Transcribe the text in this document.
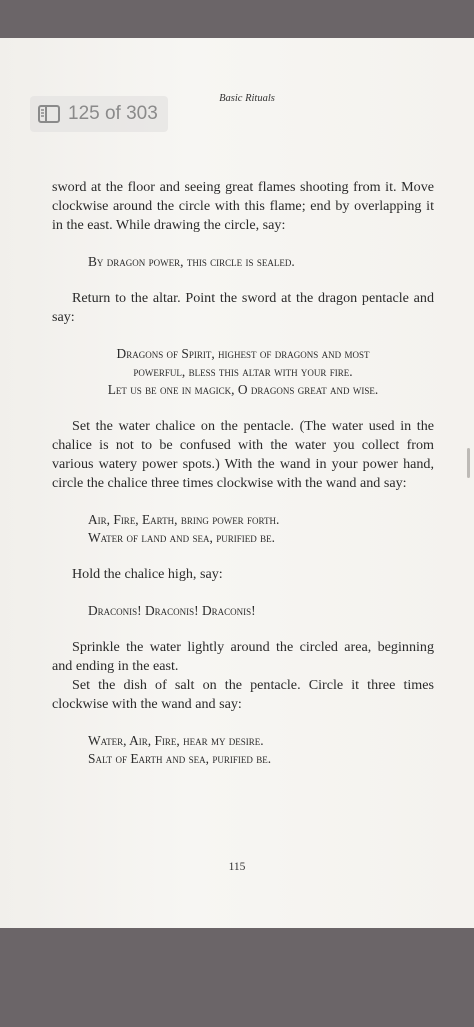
Basic Rituals
125 of 303

sword at the floor and seeing great flames shooting from it. Move clockwise around the circle with this flame; end by overlapping it in the east. While drawing the circle, say:

By dragon power, this circle is sealed.

Return to the altar. Point the sword at the dragon pentacle and say:

Dragons of Spirit, highest of dragons and most

powerful, bless this altar with your fire.

Let us be one in magick, O dragons great and wise.

Set the water chalice on the pentacle. (The water used in the chalice is not to be confused with the water you collect from various watery power spots.) With the wand in your power hand, circle the chalice three times clockwise with the wand and say:

Air, Fire, Earth, bring power forth.

Water of land and sea, purified be.

Hold the chalice high, say:

Draconis! Draconis! Draconis!

Sprinkle the water lightly around the circled area, beginning and ending in the east.

Set the dish of salt on the pentacle. Circle it three times clockwise with the wand and say:

Water, Air, Fire, hear my desire.

Salt of Earth and sea, purified be.

115
